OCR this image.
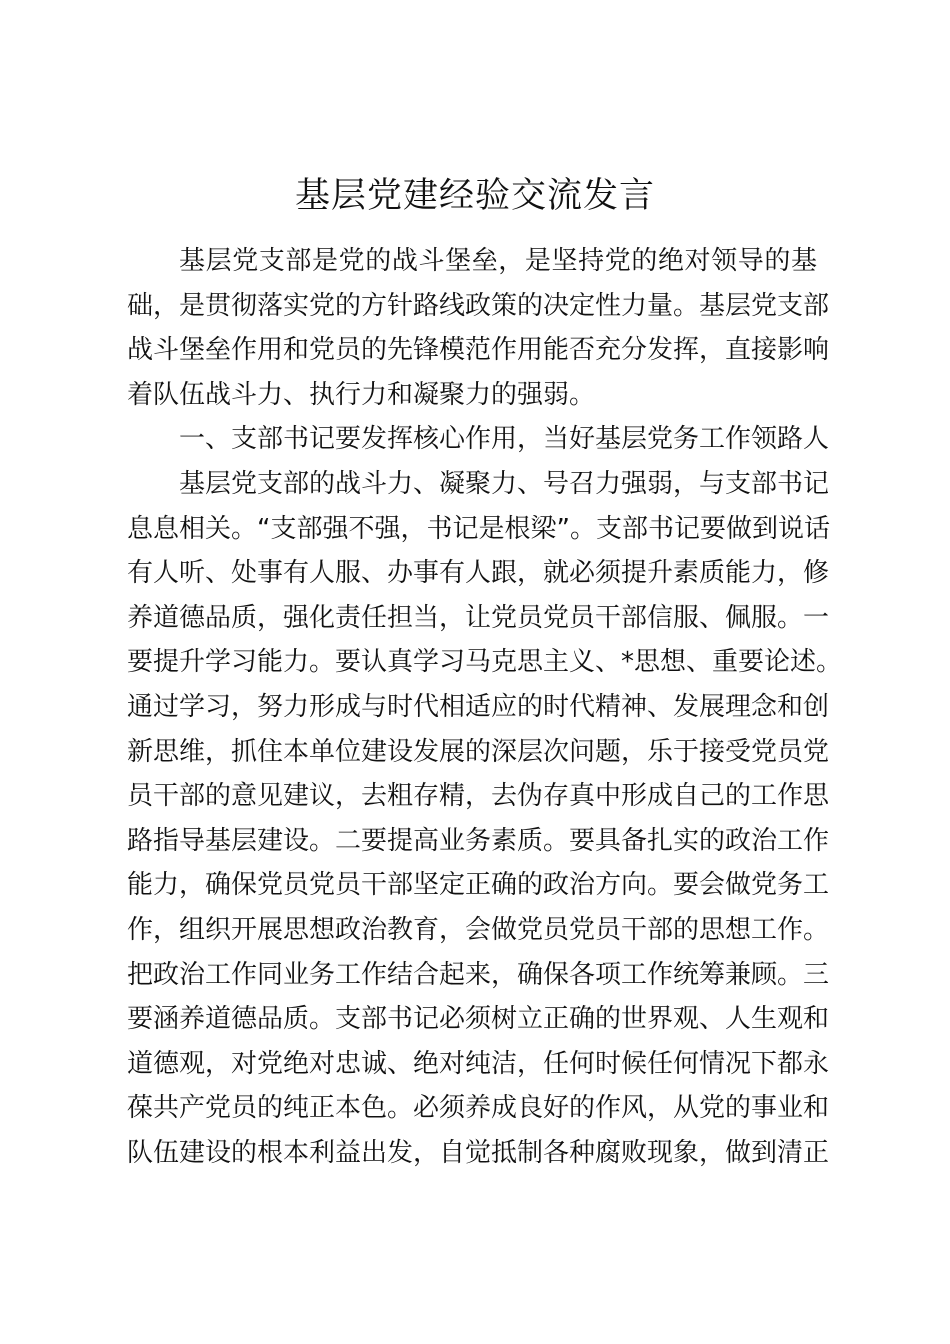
基层党建经验交流发言
基层党支部是党的战斗堡垒，是坚持党的绝对领导的基
础，是贯彻落实党的方针路线政策的决定性力量。基层党支部
战斗堡垒作用和党员的先锋模范作用能否充分发挥，直接影响
着队伍战斗力、执行力和凝聚力的强弱。
一、支部书记要发挥核心作用，当好基层党务工作领路人
基层党支部的战斗力、凝聚力、号召力强弱，与支部书记
息息相关。“支部强不强，书记是根梁”。支部书记要做到说话
有人听、处事有人服、办事有人跟，就必须提升素质能力，修
养道德品质，强化责任担当，让党员党员干部信服、佩服。一
要提升学习能力。要认真学习马克思主义、*思想、重要论述。
通过学习，努力形成与时代相适应的时代精神、发展理念和创
新思维，抓住本单位建设发展的深层次问题，乐于接受党员党
员干部的意见建议，去粗存精，去伪存真中形成自己的工作思
路指导基层建设。二要提高业务素质。要具备扎实的政治工作
能力，确保党员党员干部坚定正确的政治方向。要会做党务工
作，组织开展思想政治教育，会做党员党员干部的思想工作。
把政治工作同业务工作结合起来，确保各项工作统筹兼顾。三
要涵养道德品质。支部书记必须树立正确的世界观、人生观和
道德观，对党绝对忠诚、绝对纯洁，任何时候任何情况下都永
葆共产党员的纯正本色。必须养成良好的作风，从党的事业和
队伍建设的根本利益出发，自觉抵制各种腐败现象，做到清正
